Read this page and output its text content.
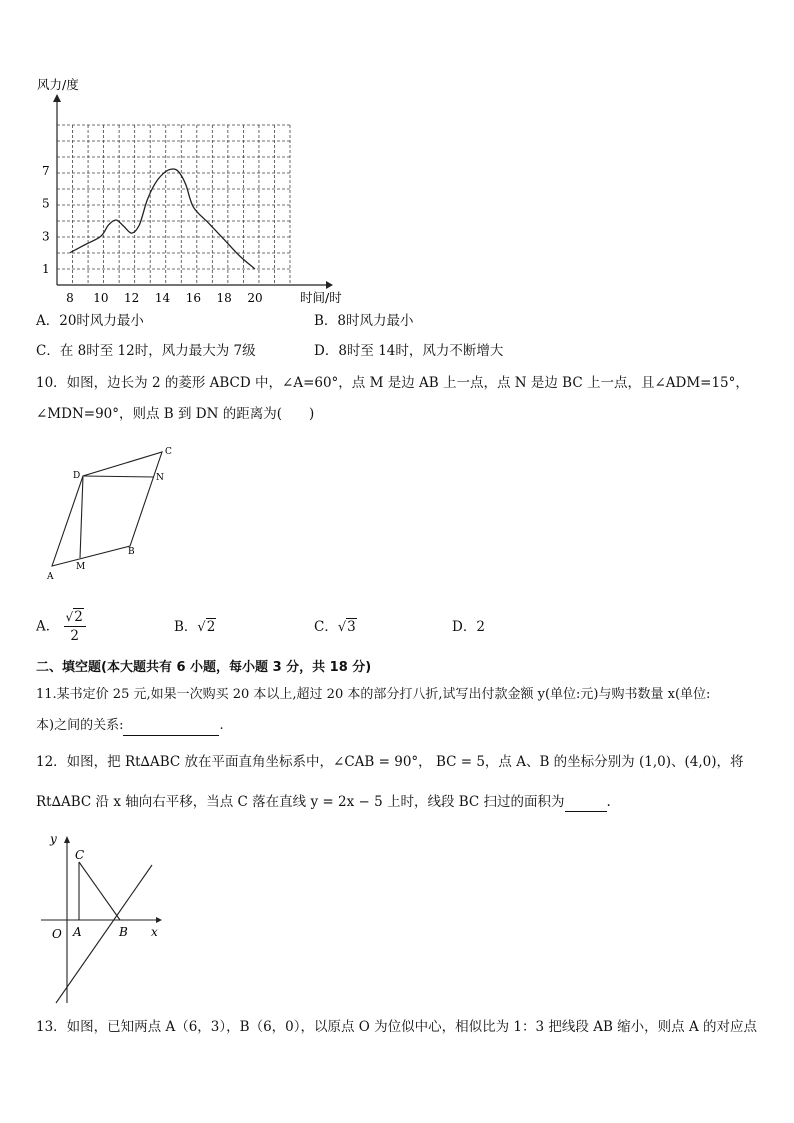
风力/度
1
3
5
7
8 10 12 14 16 18 20	时间/时
A．20时风力最小	B．8时风力最小
C．在 8时至 12时，风力最大为 7级	D．8时至 14时，风力不断增大
10．如图，边长为 2 的菱形 ABCD 中，∠A=60°，点 M 是边 AB 上一点，点 N 是边 BC 上一点，且∠ADM=15°，
∠MDN=90°，则点 B 到 DN 的距离为(　　)
A
M
B
D
C
N
A． $\frac{√2}{2}$	B．√2	C．√3	D．2
二、填空题(本大题共有 6 小题，每小题 3 分，共 18 分)
11.某书定价 25 元,如果一次购买 20 本以上,超过 20 本的部分打八折,试写出付款金额 y(单位:元)与购书数量 x(单位:
本)之间的关系:	.
12．如图，把 Rt∆ABC 放在平面直角坐标系中，∠CAB = 90°， BC = 5，点 A、B 的坐标分别为 (1,0)、(4,0)，将
Rt∆ABC 沿 x 轴向右平移，当点 C 落在直线 y = 2x − 5 上时，线段 BC 扫过的面积为	.
y
C
O A	B x
13．如图，已知两点 A（6，3），B（6，0），以原点 O 为位似中心，相似比为 1：3 把线段 AB 缩小，则点 A 的对应点
